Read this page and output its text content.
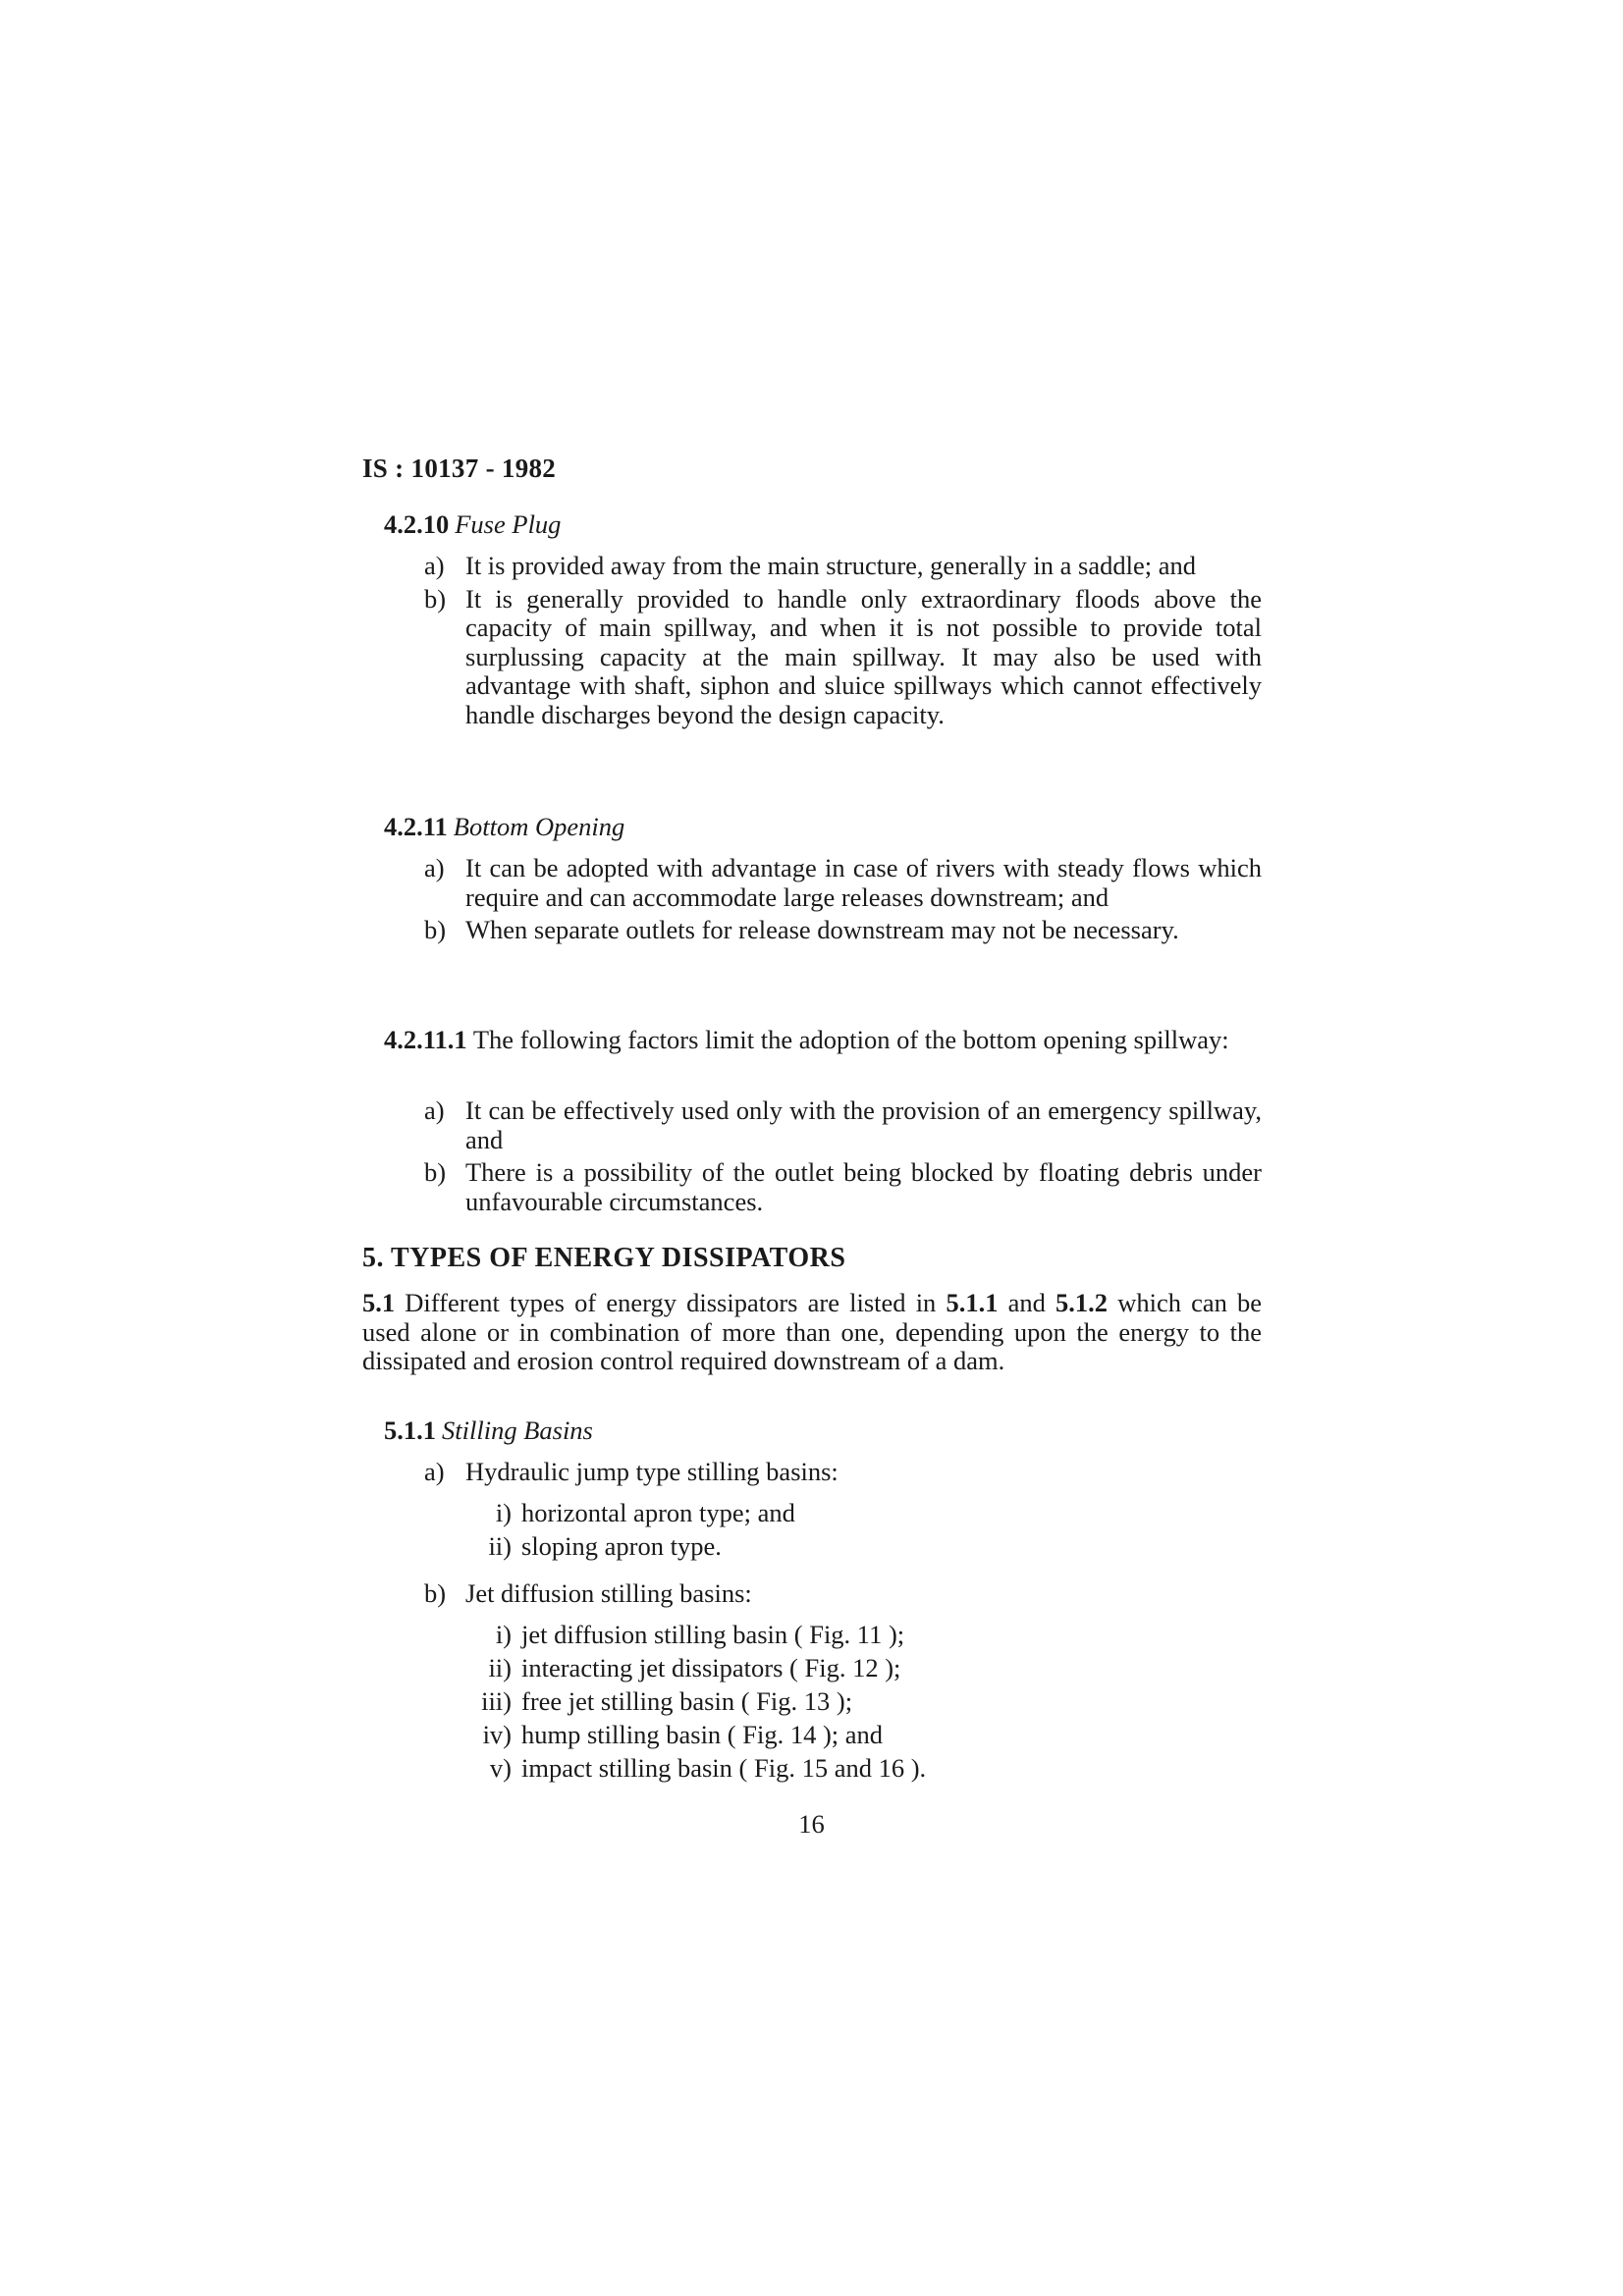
IS : 10137 - 1982
4.2.10 Fuse Plug
a) It is provided away from the main structure, generally in a saddle; and
b) It is generally provided to handle only extraordinary floods above the capacity of main spillway, and when it is not possible to provide total surplussing capacity at the main spillway. It may also be used with advantage with shaft, siphon and sluice spillways which cannot effectively handle discharges beyond the design capacity.
4.2.11 Bottom Opening
a) It can be adopted with advantage in case of rivers with steady flows which require and can accommodate large releases downstream; and
b) When separate outlets for release downstream may not be necessary.
4.2.11.1 The following factors limit the adoption of the bottom opening spillway:
a) It can be effectively used only with the provision of an emergency spillway, and
b) There is a possibility of the outlet being blocked by floating debris under unfavourable circumstances.
5. TYPES OF ENERGY DISSIPATORS
5.1 Different types of energy dissipators are listed in 5.1.1 and 5.1.2 which can be used alone or in combination of more than one, depending upon the energy to the dissipated and erosion control required downstream of a dam.
5.1.1 Stilling Basins
a) Hydraulic jump type stilling basins:
i) horizontal apron type; and
ii) sloping apron type.
b) Jet diffusion stilling basins:
i) jet diffusion stilling basin ( Fig. 11 );
ii) interacting jet dissipators ( Fig. 12 );
iii) free jet stilling basin ( Fig. 13 );
iv) hump stilling basin ( Fig. 14 ); and
v) impact stilling basin ( Fig. 15 and 16 ).
16
